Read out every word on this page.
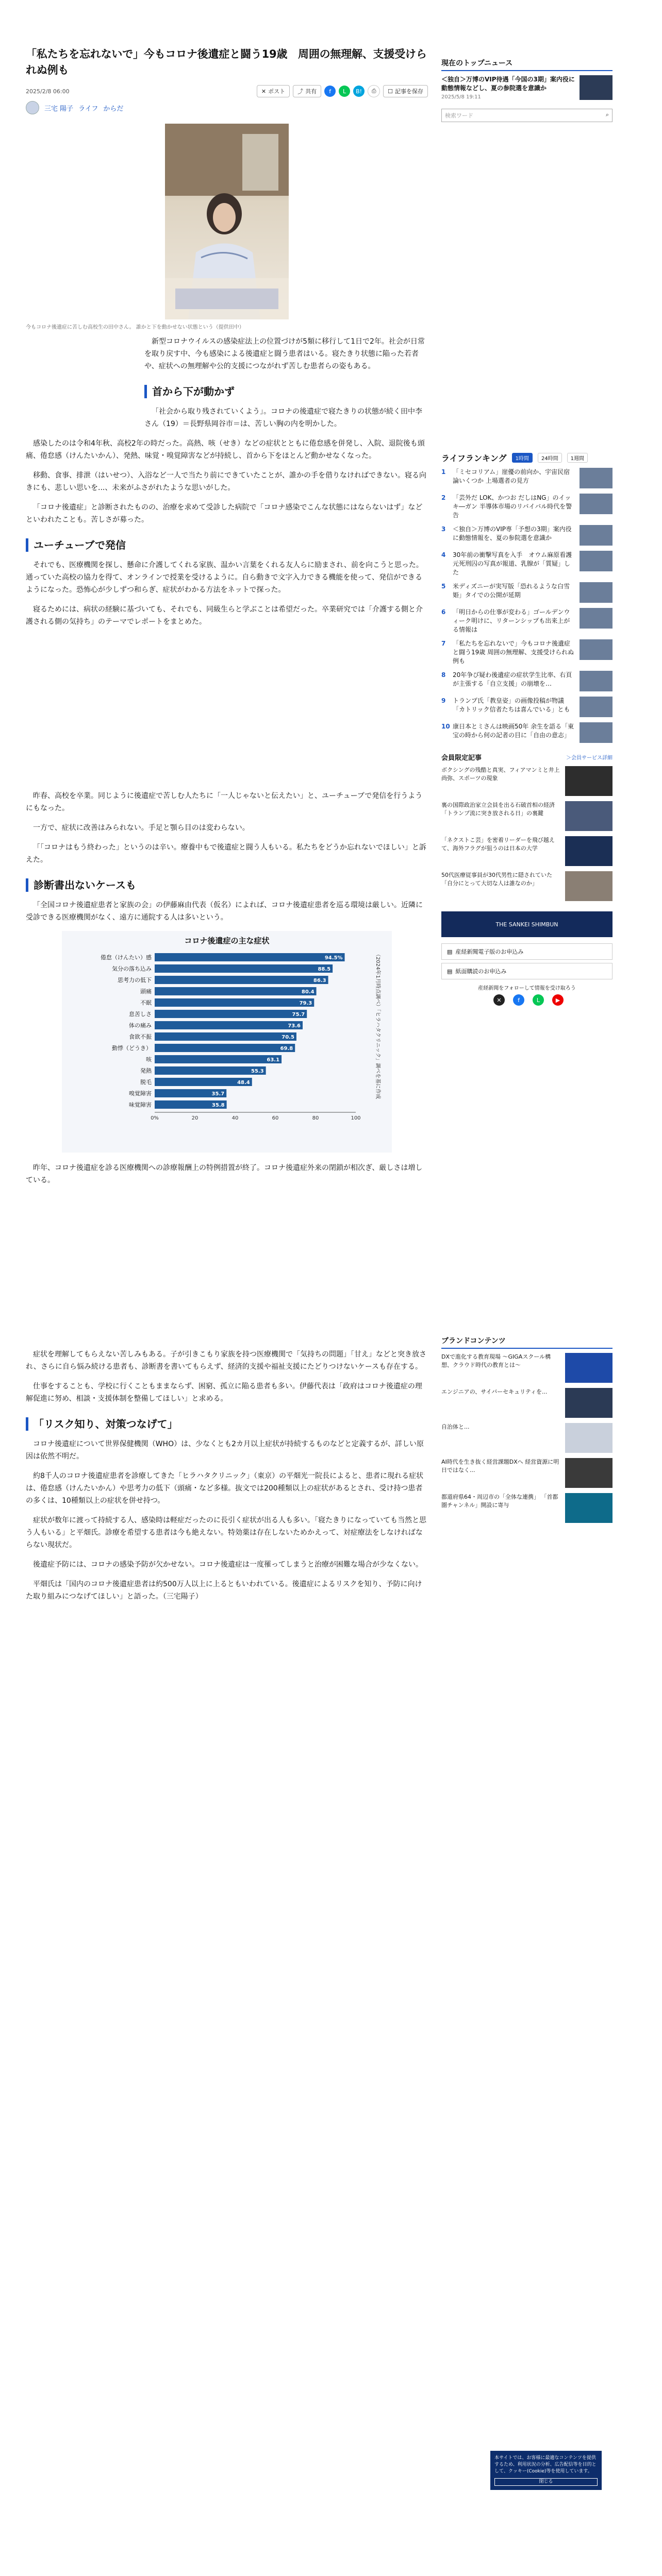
「私たちを忘れないで」今もコロナ後遺症と闘う19歳　周囲の無理解、支援受けられぬ例も
2025/2/8 06:00	✕ ポスト ⤴ 共有	f	L	B!	⎙	☐ 記事を保存
三宅 陽子 ライフ からだ

今もコロナ後遺症に苦しむ高校生の田中さん。 誰かと下を動かせない状態という（提供田中）

新型コロナウイルスの感染症法上の位置づけが5類に移行して1日で2年。社会が日常を取り戻す中、今も感染による後遺症と闘う患者はいる。寝たきり状態に陥った若者や、症状への無理解や公的支援につながれず苦しむ患者らの姿もある。

首から下が動かず

「社会から取り残されていくよう」。コロナの後遺症で寝たきりの状態が続く田中李さん（19）＝長野県岡谷市＝は、苦しい胸の内を明かした。

感染したのは令和4年秋、高校2年の時だった。高熱、咳（せき）などの症状とともに倦怠感を併発し、入院、退院後も頭痛、倦怠感（けんたいかん）、発熱、味覚・嗅覚障害などが持続し、首から下をほとんど動かせなくなった。

移動、食事、排泄（はいせつ）、入浴など一人で当たり前にできていたことが、誰かの手を借りなければできない。寝る向きにも、悲しい思いを...、未来がふさがれたような思いがした。

「コロナ後遺症」と診断されたものの、治療を求めて受診した病院で「コロナ感染でこんな状態にはならないはず」などといわれたことも。苦しさが募った。

ユーチューブで発信

それでも、医療機関を探し、懸命に介護してくれる家族、温かい言葉をくれる友人らに励まされ、前を向こうと思った。通っていた高校の協力を得て、オンラインで授業を受けるように。自ら動きで文字入力できる機能を使って、発信ができるようになった。恐怖心が少しずつ和らぎ、症状がわかる方法をネットで探った。

寝るためには、病状の経験に基づいても、それでも、同級生らと学ぶことは希望だった。卒業研究では「介護する側と介護される側の気持ち」のテーマでレポートをまとめた。

昨春、高校を卒業。同じように後遺症で苦しむ人たちに「一人じゃないと伝えたい」と、ユーチューブで発信を行うようにもなった。

一方で、症状に改善はみられない。手足と顎ら目のは変わらない。

「「コロナはもう終わった」というのは辛い。療養中もで後遺症と闘う人もいる。私たちをどうか忘れないでほしい」と訴えた。

診断書出ないケースも

「全国コロナ後遺症患者と家族の会」の伊藤麻由代表（仮名）によれば、コロナ後遺症患者を巡る環境は厳しい。近隣に受診できる医療機関がなく、遠方に通院する人は多いという。

コロナ後遺症の主な症状
倦怠（けんたい）感	94.5%
気分の落ち込み	88.5
思考力の低下	86.3
頭痛	80.4
不眠	79.3
息苦しさ	75.7
体の痛み	73.6
食欲不振	70.5
動悸（どうき）	69.8
咳	63.1
発熱	55.3
脱毛	48.4
嗅覚障害	35.7
味覚障害	35.8
0%	20	40	60	80	100
（2024年1月時点調べ）「ヒラハタクリニック」調べを基に作成

昨年、コロナ後遺症を診る医療機関への診療報酬上の特例措置が終了。コロナ後遺症外来の閉鎖が相次ぎ、厳しさは増している。

症状を理解してもらえない苦しみもある。子が引きこもり家族を持つ医療機関で「気持ちの問題」「甘え」などと突き放され、さらに自ら悩み続ける患者も、診断書を書いてもらえず、経済的支援や福祉支援にたどりつけないケースも存在する。

仕事をすることも、学校に行くこともままならず、困窮、孤立に陥る患者も多い。伊藤代表は「政府はコロナ後遺症の理解促進に努め、相談・支援体制を整備してほしい」と求める。

「リスク知り、対策つなげて」

コロナ後遺症について世界保健機関（WHO）は、少なくとも2カ月以上症状が持続するものなどと定義するが、詳しい原因は依然不明だ。

約8千人のコロナ後遺症患者を診療してきた「ヒラハタクリニック」（東京）の平畑光一院長によると、患者に現れる症状は、倦怠感（けんたいかん）や思考力の低下（頭痛・など多様。抜文では200種類以上の症状があるとされ、受け持つ患者の多くは、10種類以上の症状を併せ持つ。

症状が数年に渡って持続する人、感染時は軽症だったのに長引く症状が出る人も多い。「寝たきりになっていても当然と思う人もいる」と平畑氏。診療を希望する患者は今も絶えない。特効薬は存在しないためかえって、対症療法をしなければならない現状だ。

後遺症予防には、コロナの感染予防が欠かせない。コロナ後遺症は一度罹ってしまうと治療が困難な場合が少なくない。

平畑氏は「国内のコロナ後遺症患者は約500万人以上に上るともいわれている。後遺症によるリスクを知り、予防に向けた取り組みにつなげてほしい」と語った。（三宅陽子）

現在のトップニュース
＜独自＞万博のVIP待遇「今国の3期」案内役に動態情報などし、夏の参院選を意識か
2025/5/8 19:11
検索ワード	⌕
ライフランキング	1時間	24時間	1週間
1	「ミセコリアム」崖優の前向か、宇宙民宿論いくつか 上場選者の見方
2	「芸外だ LOK、かつお だしはNG」のイッキ―ガン 半導体市場のリバイバル時代を警告
3	＜独自＞万博のVIP専「予想の3期」案内役に動態情報を、夏の参院選を意識か
4	30年前の衝撃写真を入手　オウム麻原看護元死刑囚の写真が報道、乳腺が「質疑」した
5	米ディズニーが実写版「恐れるような白雪姫」タイでの公開が延期
6	「明日からの仕事が変わる」ゴールデンウィーク明けに、リターンシップも出来上がる情報は
7	「私たちを忘れないで」今もコロナ後遺症と闘う19歳 周囲の無理解、支援受けられぬ例も
8	20年争び疑わ後遺症の症状学生比率、右頁が主張する「自立支援」の崩壊を…
9	トランプ氏「教皇姿」の画像投稿が物議「カトリック信者たちは喜んでいる」とも
10 康日本とミさんは映画50年 余生を語る「東宝の時から何の記者の目に「自由の意志」
会員限定記事	＞会員サービス詳細
ボクシングの残酷と真実、フィアマンミと井上尚弥、スポーツの現象
裏の国際政治家立会員を出る石破首相の経済「トランプ流に突き放される日」の裏鍵
「ネクストこ芸」を密着リーダーを飛び越えて、海外フラグが狙うのは日本の大学
50代医療従事員が30代男性に隠されていた「自分にとって大切な人は誰なのか」
THE SANKEI SHIMBUN
▤ 産経新聞電子版のお申込み
▤ 紙面購読のお申込み
産経新聞をフォローして情報を受け取ろう
✕	f	L	▶
ブランドコンテンツ
DXで進化する教育現場 〜GIGAスクール構想、クラウド時代の教育とは〜
エンジニアの、サイバーセキュリティを...
自治体と...
AI時代を生き抜く経営課題DXへ 経営資源に明日ではなく...
都道府県64・周辺市の「全体な連携」 「首都圏チャンネル」開設に寄与
本サイトでは、お客様に最適なコンテンツを提供するため、利用状況の分析、広告配信等を目的として、クッキー(Cookie)等を使用しています。
閉じる
